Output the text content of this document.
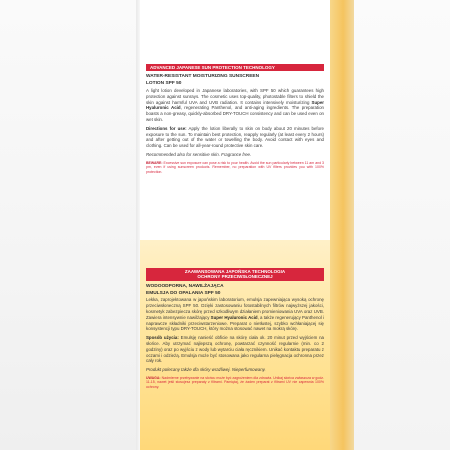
ADVANCED JAPANESE SUN PROTECTION TECHNOLOGY
WATER-RESISTANT MOISTURIZING SUNSCREEN
LOTION SPF 50

A light lotion developed in Japanese laboratories, with SPF 50 which guarantees high protection against sunrays. The cosmetic uses top-quality, photostable filters to shield the skin against harmful UVA and UVB radiation. It contains intensively moisturizing Super Hyaluronic Acid, regenerating Panthenol, and anti-aging ingredients. The preparation boasts a non-greasy, quickly-absorbed DRY-TOUCH consistency and can be used even on wet skin.

Directions for use: Apply the lotion liberally to skin on body about 20 minutes before exposure to the sun. To maintain best protection, reapply regularly (at least every 2 hours) and after getting out of the water or towelling the body. Avoid contact with eyes and clothing. Can be used for all-year-round protective skin care.

Recommended also for sensitive skin. Fragrance free.

BEWARE: Excessive sun exposure can pose a risk to your health. Avoid the sun particularly between 11 am and 3 pm, even if using sunscreen products. Remember, no preparation with UV filters provides you with 100% protection.

ZAAWANSOWANA JAPOŃSKA TECHNOLOGIA
OCHRONY PRZECIWSŁONECZNEJ
WODOODPORNA, NAWILŻAJĄCA
EMULSJA DO OPALANIA SPF 50

Lekka, zaprojektowana w japońskim laboratorium, emulsja zapewniająca wysoką ochronę przeciwsłoneczną SPF 50. Dzięki zastosowaniu fotostabilnych filtrów najwyższej jakości, kosmetyk zabezpiecza skórę przed szkodliwym działaniem promieniowania UVA oraz UVB. Zawiera intensywnie nawilżający Super Hyaluronic Acid, a także regenerujący Panthenol i naprawcze składniki przeciwstarzeniowe. Preparat o nietłustej, szybko wchłaniającej się konsystencji typu DRY-TOUCH, który można stosować nawet na mokrą skórę.

Sposób użycia: Emulsję nanieść obficie na skórę ciała ok. 20 minut przed wyjściem na słońce. Aby utrzymać najlepszą ochronę, powtarzać czynność regularnie (min. co 2 godziny) oraz po wyjściu z wody lub wytarciu ciała ręcznikiem. Unikać kontaktu preparatu z oczami i odzieżą. Emulsja może być stosowana jako regularna pielęgnacja ochronna przez cały rok.

Produkt polecany także dla skóry wrażliwej. Nieperfumowany.

UWAGA: Nadmierne przebywanie na słońcu może być zagrożeniem dla zdrowia. Unikaj słońca zwłaszcza w godz. 11-15, nawet jeśli stosujesz preparaty z filtrami. Pamiętaj, że żaden preparat z filtrami UV nie zapewnia 100% ochrony.
